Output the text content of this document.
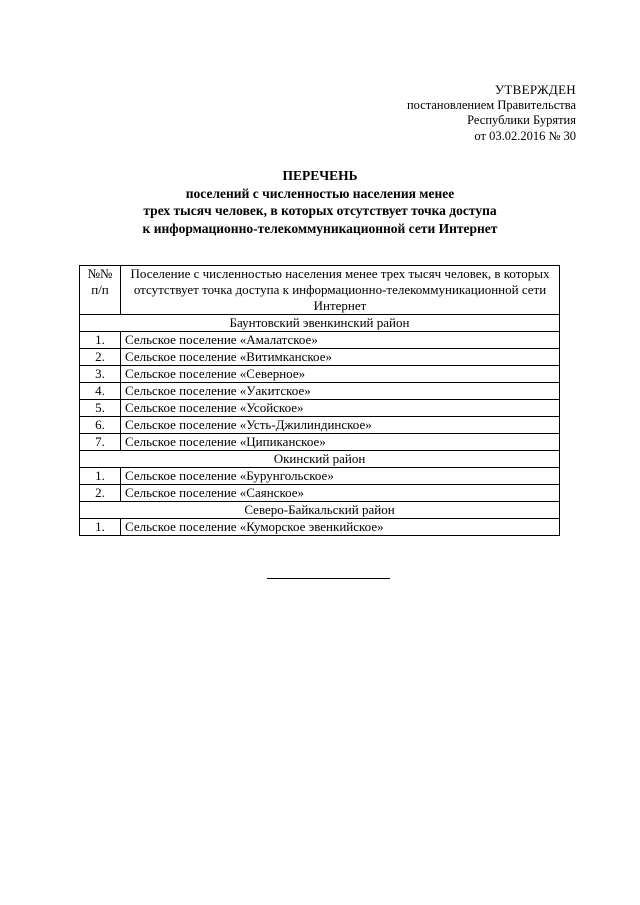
УТВЕРЖДЕН
постановлением Правительства
Республики Бурятия
от 03.02.2016 № 30
ПЕРЕЧЕНЬ
поселений с численностью населения менее
трех тысяч человек, в которых отсутствует точка доступа
к информационно-телекоммуникационной сети Интернет
№№ п/п	Поселение с численностью населения менее трех тысяч человек, в которых отсутствует точка доступа к информационно-телекоммуникационной сети Интернет
Баунтовский эвенкинский район	
1.	Сельское поселение «Амалатское»
2.	Сельское поселение «Витимканское»
3.	Сельское поселение «Северное»
4.	Сельское поселение «Уакитское»
5.	Сельское поселение «Усойское»
6.	Сельское поселение «Усть-Джилиндинское»
7.	Сельское поселение «Ципиканское»
Окинский район	
1.	Сельское поселение «Бурунгольское»
2.	Сельское поселение «Саянское»
Северо-Байкальский район	
1.	Сельское поселение «Куморское эвенкийское»
